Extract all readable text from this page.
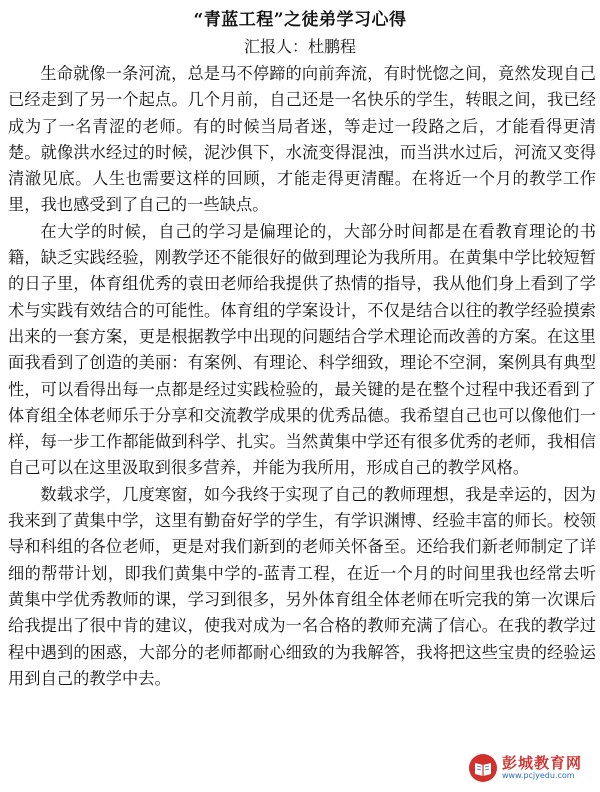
“青蓝工程”之徒弟学习心得
汇报人：杜鹏程

生命就像一条河流，总是马不停蹄的向前奔流，有时恍惚之间，竟然发现自己已经走到了另一个起点。几个月前，自己还是一名快乐的学生，转眼之间，我已经成为了一名青涩的老师。有的时候当局者迷，等走过一段路之后，才能看得更清楚。就像洪水经过的时候，泥沙俱下，水流变得混浊，而当洪水过后，河流又变得清澈见底。人生也需要这样的回顾，才能走得更清醒。在将近一个月的教学工作里，我也感受到了自己的一些缺点。

在大学的时候，自己的学习是偏理论的，大部分时间都是在看教育理论的书籍，缺乏实践经验，刚教学还不能很好的做到理论为我所用。在黄集中学比较短暂的日子里，体育组优秀的袁田老师给我提供了热情的指导，我从他们身上看到了学术与实践有效结合的可能性。体育组的学案设计，不仅是结合以往的教学经验摸索出来的一套方案，更是根据教学中出现的问题结合学术理论而改善的方案。在这里面我看到了创造的美丽：有案例、有理论、科学细致，理论不空洞，案例具有典型性，可以看得出每一点都是经过实践检验的，最关键的是在整个过程中我还看到了体育组全体老师乐于分享和交流教学成果的优秀品德。我希望自己也可以像他们一样，每一步工作都能做到科学、扎实。当然黄集中学还有很多优秀的老师，我相信自己可以在这里汲取到很多营养，并能为我所用，形成自己的教学风格。

数载求学，几度寒窗，如今我终于实现了自己的教师理想，我是幸运的，因为我来到了黄集中学，这里有勤奋好学的学生，有学识渊博、经验丰富的师长。校领导和科组的各位老师，更是对我们新到的老师关怀备至。还给我们新老师制定了详细的帮带计划，即我们黄集中学的-蓝青工程，在近一个月的时间里我也经常去听黄集中学优秀教师的课，学习到很多，另外体育组全体老师在听完我的第一次课后给我提出了很中肯的建议，使我对成为一名合格的教师充满了信心。在我的教学过程中遇到的困惑，大部分的老师都耐心细致的为我解答，我将把这些宝贵的经验运用到自己的教学中去。

彭城教育网
www.pcjyedu.com
